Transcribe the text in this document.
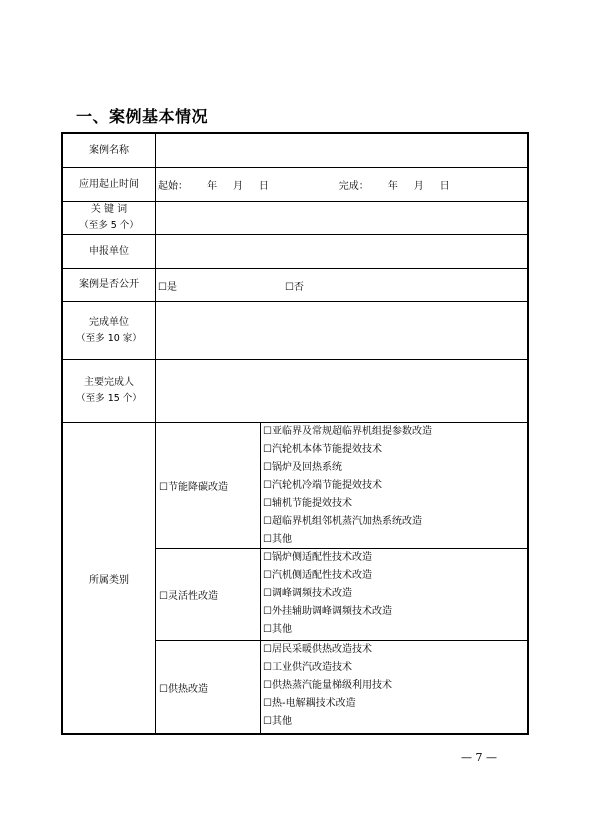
一、案例基本情况
案例名称
应用起止时间 起始：      年     月     日                      完成：      年     月     日
关 键 词
（至多 5 个）
申报单位
案例是否公开 ☐是	☐否
完成单位
（至多 10 家）
主要完成人
（至多 15 个）
所属类别
☐节能降碳改造
☐亚临界及常规超临界机组提参数改造
☐汽轮机本体节能提效技术
☐锅炉及回热系统
☐汽轮机冷端节能提效技术
☐辅机节能提效技术
☐超临界机组邻机蒸汽加热系统改造
☐其他
☐灵活性改造
☐锅炉侧适配性技术改造
☐汽机侧适配性技术改造
☐调峰调频技术改造
☐外挂辅助调峰调频技术改造
☐其他
☐供热改造
☐居民采暖供热改造技术
☐工业供汽改造技术
☐供热蒸汽能量梯级利用技术
☐热-电解耦技术改造
☐其他
— 7 —
